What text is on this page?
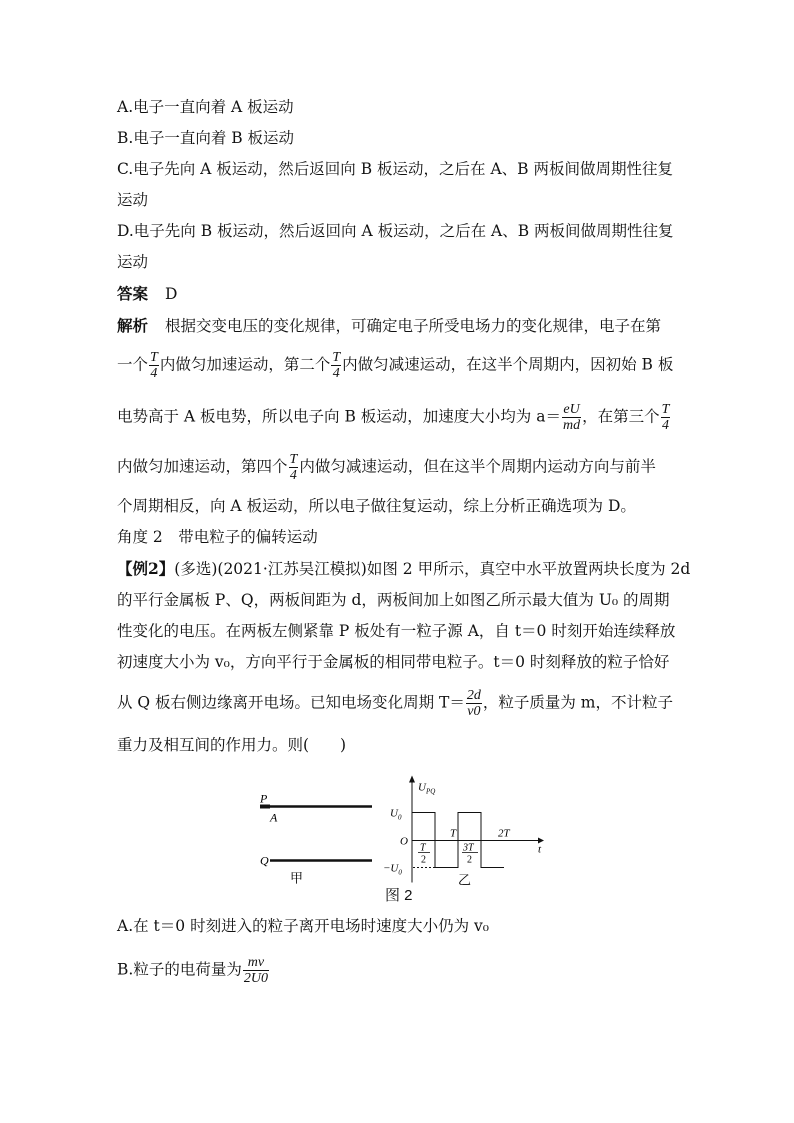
A.电子一直向着 A 板运动
B.电子一直向着 B 板运动
C.电子先向 A 板运动，然后返回向 B 板运动，之后在 A、B 两板间做周期性往复
运动
D.电子先向 B 板运动，然后返回向 A 板运动，之后在 A、B 两板间做周期性往复
运动
答案 D
解析 根据交变电压的变化规律，可确定电子所受电场力的变化规律，电子在第
一个 $\frac{T}{4}$ 内做匀加速运动，第二个 $\frac{T}{4}$ 内做匀减速运动，在这半个周期内，因初始 B 板
电势高于 A 板电势，所以电子向 B 板运动，加速度大小均为 $a= \frac{eU}{md}$ ，在第三个 $\frac{T}{4}$
内做匀加速运动，第四个 $\frac{T}{4}$ 内做匀减速运动，但在这半个周期内运动方向与前半
个周期相反，向 A 板运动，所以电子做往复运动，综上分析正确选项为 D。
角度 2　带电粒子的偏转运动
【例2】(多选)(2021·江苏吴江模拟)如图 2 甲所示，真空中水平放置两块长度为 2d
的平行金属板 P、Q，两板间距为 d，两板间加上如图乙所示最大值为 U₀ 的周期
性变化的电压。在两板左侧紧靠 P 板处有一粒子源 A，自 t＝0 时刻开始连续释放
初速度大小为 v₀，方向平行于金属板的相同带电粒子。t＝0 时刻释放的粒子恰好
从 Q 板右侧边缘离开电场。已知电场变化周期 $T= \frac{2d}{v0}$ ，粒子质量为 m，不计粒子
重力及相互间的作用力。则(　　)
P
A
Q
甲
$U_{PQ}$
$U_0$
O
$-U_0$
t
T
T
2
3T
2
2T
乙
图 2
A.在 t＝0 时刻进入的粒子离开电场时速度大小仍为 v₀
B.粒子的电荷量为 $\frac{mv}{2U0}$
